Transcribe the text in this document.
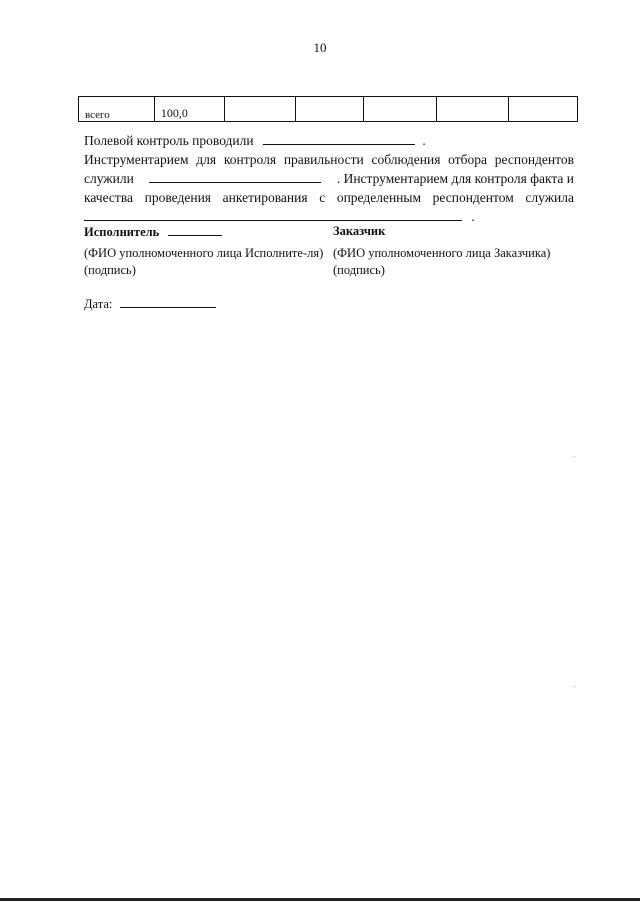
10
всего	100,0					
Полевой контроль проводили	.
Инструментарием для контроля правильности соблюдения отбора респондентов
служили	. Инструментарием для контроля факта и
качества проведения анкетирования с определенным респондентом служила
.
Исполнитель	Заказчик
(ФИО уполномоченного лица Исполните-ля) (подпись)
(ФИО уполномоченного лица Заказчика) (подпись)
Дата:
